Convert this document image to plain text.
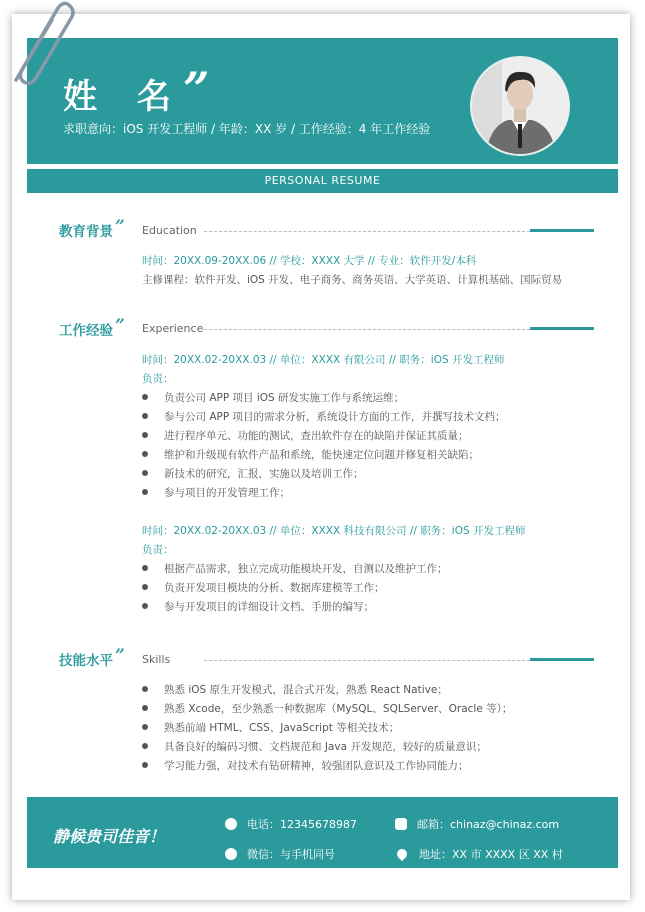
姓 名
”
求职意向：iOS 开发工程师 / 年龄：XX 岁 / 工作经验：4 年工作经验
PERSONAL RESUME
教育背景 ” Education
时间：20XX.09-20XX.06 // 学校：XXXX 大学 // 专业：软件开发/本科
主修课程：软件开发、iOS 开发、电子商务、商务英语、大学英语、计算机基础、国际贸易
工作经验 ” Experience
时间：20XX.02-20XX.03 // 单位：XXXX 有限公司 // 职务：iOS 开发工程师
负责：
负责公司 APP 项目 iOS 研发实施工作与系统运维；
参与公司 APP 项目的需求分析，系统设计方面的工作，并撰写技术文档；
进行程序单元、功能的测试，查出软件存在的缺陷并保证其质量；
维护和升级现有软件产品和系统，能快速定位问题并修复相关缺陷；
新技术的研究，汇报，实施以及培训工作；
参与项目的开发管理工作；
时间：20XX.02-20XX.03 // 单位：XXXX 科技有限公司 // 职务：iOS 开发工程师
负责：
根据产品需求，独立完成功能模块开发，自测以及维护工作；
负责开发项目模块的分析、数据库建模等工作；
参与开发项目的详细设计文档、手册的编写；
技能水平 ” Skills
熟悉 iOS 原生开发模式，混合式开发，熟悉 React Native；
熟悉 Xcode，至少熟悉一种数据库（MySQL、SQLServer、Oracle 等）；
熟悉前端 HTML、CSS、JavaScript 等相关技术；
具备良好的编码习惯、文档规范和 Java 开发规范，较好的质量意识；
学习能力强，对技术有钻研精神，较强团队意识及工作协同能力；
静候贵司佳音！
电话：12345678987	邮箱：chinaz@chinaz.com
微信：与手机同号	地址：XX 市 XXXX 区 XX 村
